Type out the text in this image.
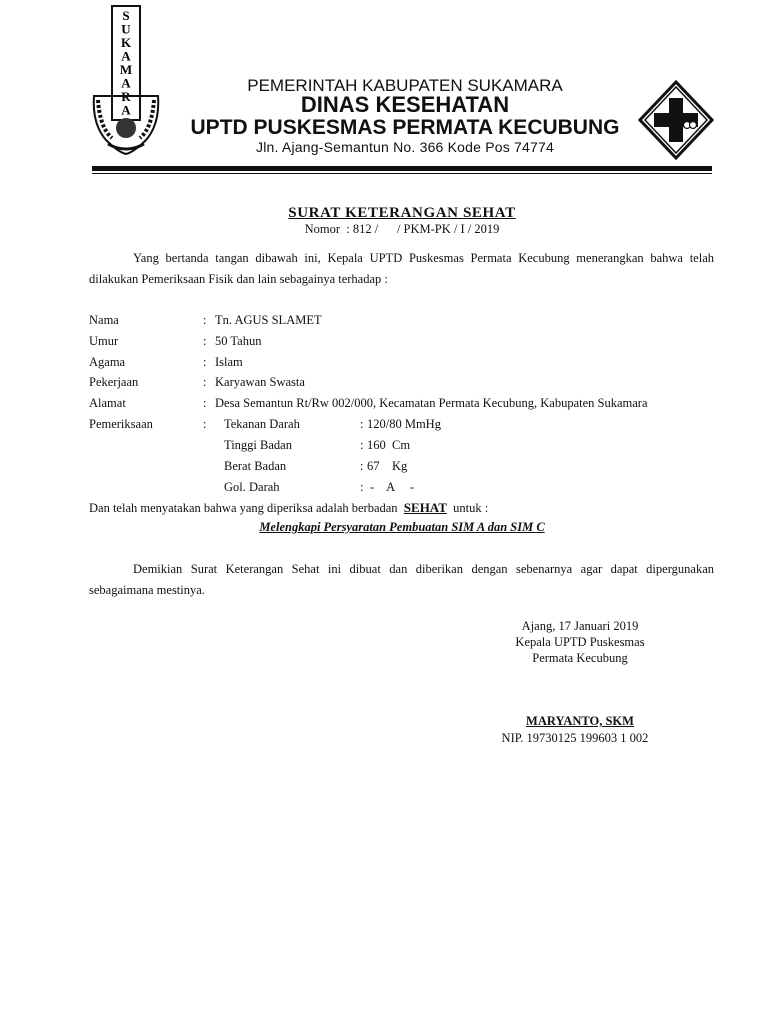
S
U
K
A
M
A
R
A
PEMERINTAH KABUPATEN SUKAMARA
DINAS KESEHATAN
UPTD PUSKESMAS PERMATA KECUBUNG
Jln. Ajang-Semantun No. 366 Kode Pos 74774
SURAT KETERANGAN SEHAT
Nomor  : 812 /      / PKM-PK / I / 2019
Yang bertanda tangan dibawah ini, Kepala UPTD Puskesmas Permata Kecubung menerangkan bahwa telah dilakukan Pemeriksaan Fisik dan lain sebagainya terhadap :
Nama	: Tn. AGUS SLAMET
Umur	: 50 Tahun
Agama	: Islam
Pekerjaan	: Karyawan Swasta
Alamat	: Desa Semantun Rt/Rw 002/000, Kecamatan Permata Kecubung, Kabupaten Sukamara
Pemeriksaan	: Tekanan Darah	: 120/80 MmHg
Tinggi Badan	: 160  Cm
Berat Badan	: 67    Kg
Gol. Darah	: -    A     -
Dan telah menyatakan bahwa yang diperiksa adalah berbadan SEHAT untuk :
Melengkapi Persyaratan Pembuatan SIM A dan SIM C
Demikian Surat Keterangan Sehat ini dibuat dan diberikan dengan sebenarnya agar dapat dipergunakan sebagaimana mestinya.
Ajang, 17 Januari 2019
Kepala UPTD Puskesmas
Permata Kecubung
MARYANTO, SKM
NIP. 19730125 199603 1 002
